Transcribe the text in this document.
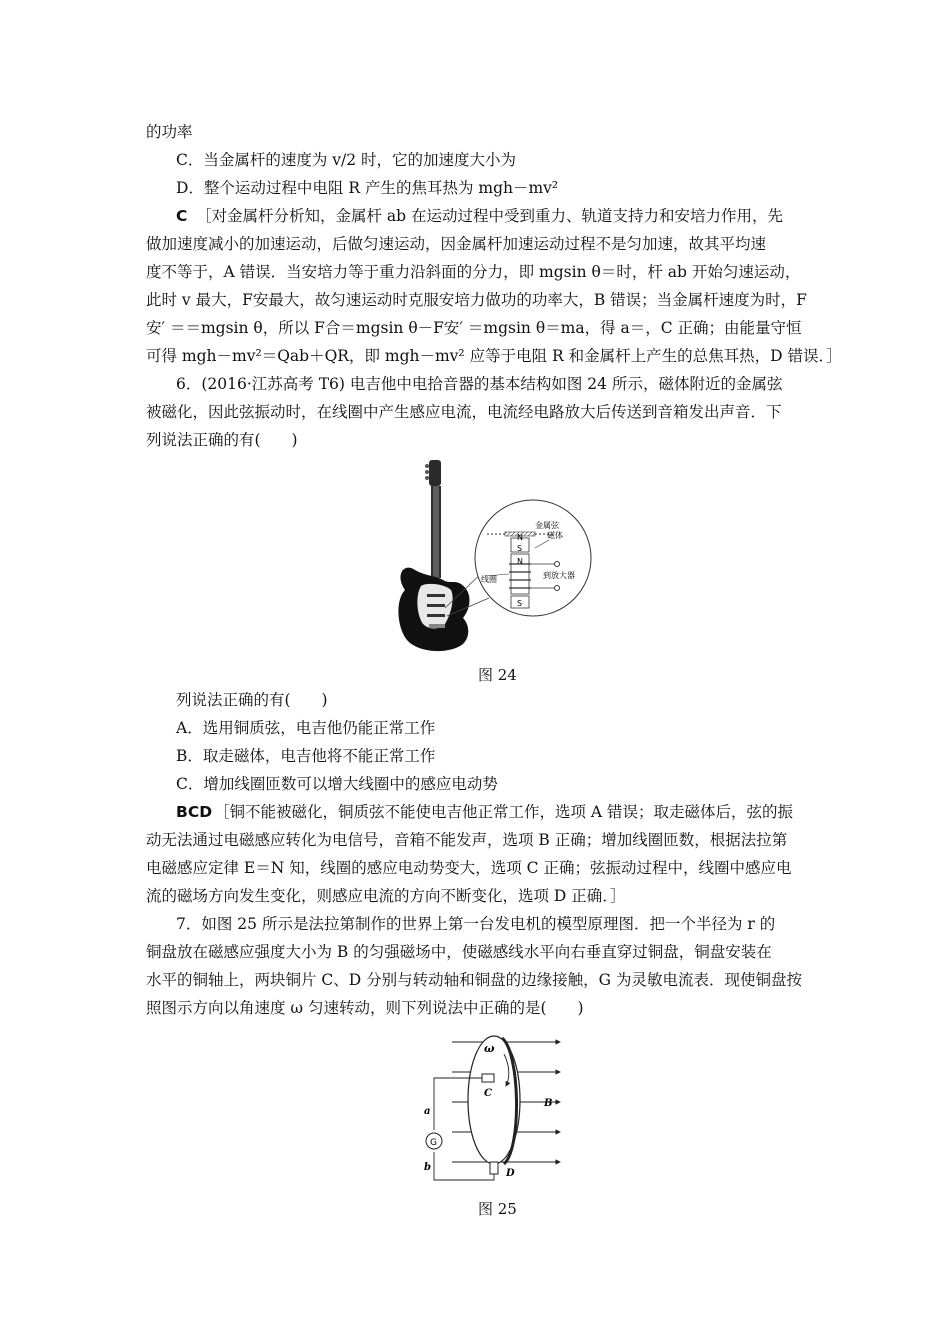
的功率
C．当金属杆的速度为 v/2 时，它的加速度大小为
D．整个运动过程中电阻 R 产生的焦耳热为 mgh－mv²
C ［对金属杆分析知，金属杆 ab 在运动过程中受到重力、轨道支持力和安培力作用，先
做加速度减小的加速运动，后做匀速运动，因金属杆加速运动过程不是匀加速，故其平均速
度不等于，A 错误．当安培力等于重力沿斜面的分力，即 mgsin θ＝时，杆 ab 开始匀速运动，
此时 v 最大，F安最大，故匀速运动时克服安培力做功的功率大，B 错误；当金属杆速度为时，F
安′ ＝＝mgsin θ，所以 F合＝mgsin θ－F安′ ＝mgsin θ＝ma，得 a＝，C 正确；由能量守恒
可得 mgh－mv²＝Qab＋QR，即 mgh－mv² 应等于电阻 R 和金属杆上产生的总焦耳热，D 错误．］
6．(2016·江苏高考 T6) 电吉他中电拾音器的基本结构如图 24 所示，磁体附近的金属弦
被磁化，因此弦振动时，在线圈中产生感应电流，电流经电路放大后传送到音箱发出声音．下
列说法正确的有(　　)
N
S
N
S
金属弦
磁体
线圈	到放大器
图 24
列说法正确的有(　　)
A．选用铜质弦，电吉他仍能正常工作
B．取走磁体，电吉他将不能正常工作
C．增加线圈匝数可以增大线圈中的感应电动势
BCD ［铜不能被磁化，铜质弦不能使电吉他正常工作，选项 A 错误；取走磁体后，弦的振
动无法通过电磁感应转化为电信号，音箱不能发声，选项 B 正确；增加线圈匝数，根据法拉第
电磁感应定律 E＝N 知，线圈的感应电动势变大，选项 C 正确；弦振动过程中，线圈中感应电
流的磁场方向发生变化，则感应电流的方向不断变化，选项 D 正确．］
7．如图 25 所示是法拉第制作的世界上第一台发电机的模型原理图．把一个半径为 r 的
铜盘放在磁感应强度大小为 B 的匀强磁场中，使磁感线水平向右垂直穿过铜盘，铜盘安装在
水平的铜轴上，两块铜片 C、D 分别与转动轴和铜盘的边缘接触，G 为灵敏电流表．现使铜盘按
照图示方向以角速度 ω 匀速转动，则下列说法中正确的是(　　)
ω
C
D
B
a
b
G
图 25
